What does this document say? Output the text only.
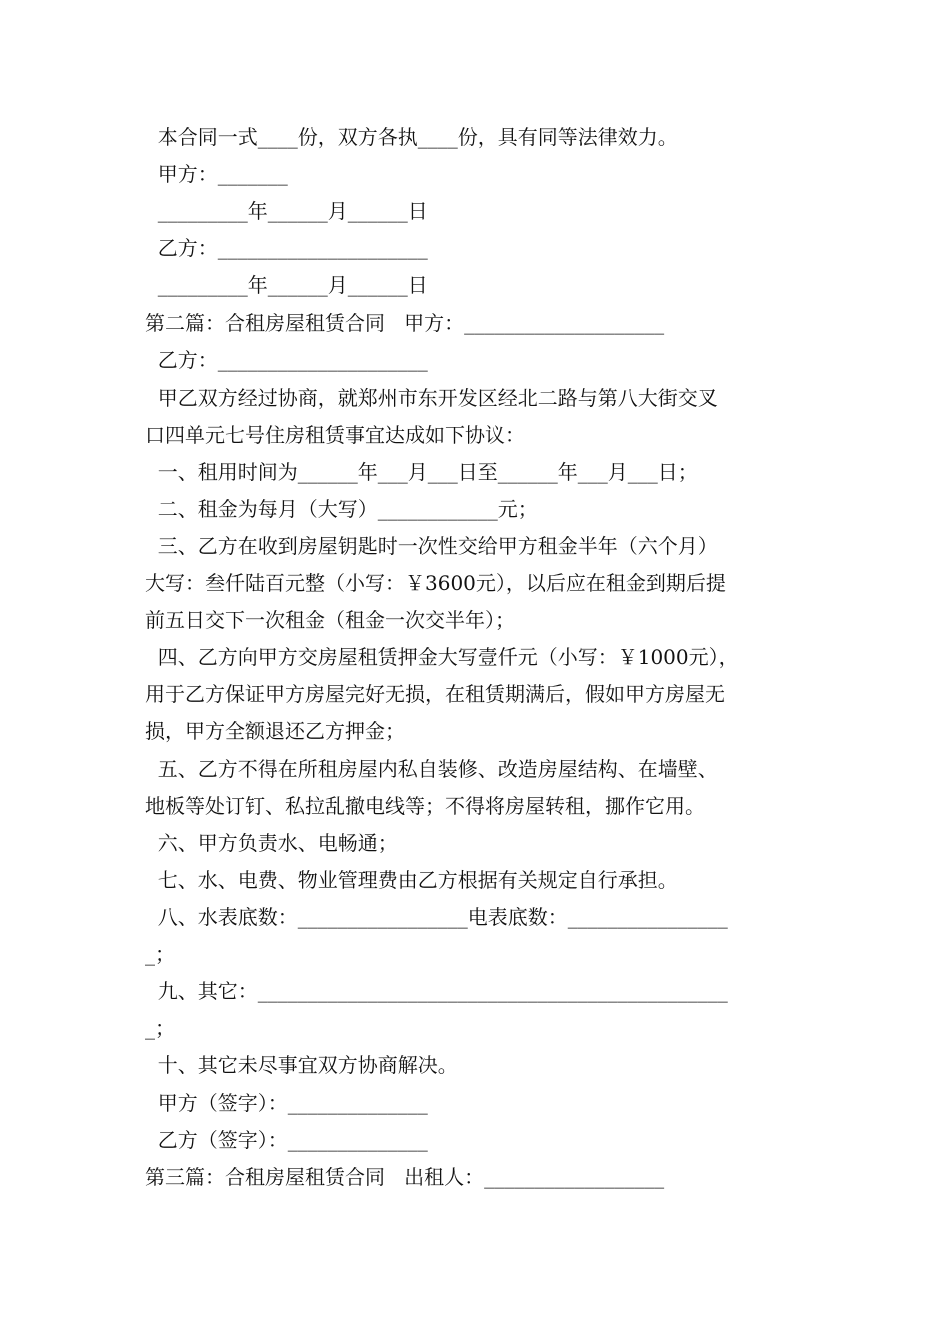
本合同一式____份，双方各执____份，具有同等法律效力。
甲方：_______
_________年______月______日
乙方：_____________________
_________年______月______日
第二篇：合租房屋租赁合同   甲方：____________________
乙方：_____________________
甲乙双方经过协商，就郑州市东开发区经北二路与第八大街交叉
口四单元七号住房租赁事宜达成如下协议：
一、租用时间为______年___月___日至______年___月___日；
二、租金为每月（大写）____________元；
三、乙方在收到房屋钥匙时一次性交给甲方租金半年（六个月）
大写：叁仟陆百元整（小写：￥3600元），以后应在租金到期后提
前五日交下一次租金（租金一次交半年）；
四、乙方向甲方交房屋租赁押金大写壹仟元（小写：￥1000元），
用于乙方保证甲方房屋完好无损，在租赁期满后，假如甲方房屋无
损，甲方全额退还乙方押金；
五、乙方不得在所租房屋内私自装修、改造房屋结构、在墙壁、
地板等处订钉、私拉乱撤电线等；不得将房屋转租，挪作它用。
六、甲方负责水、电畅通；
七、水、电费、物业管理费由乙方根据有关规定自行承担。
八、水表底数：_________________电表底数：________________
_；
九、其它：_______________________________________________
_；
十、其它未尽事宜双方协商解决。
甲方（签字）：______________
乙方（签字）：______________
第三篇：合租房屋租赁合同   出租人：__________________
